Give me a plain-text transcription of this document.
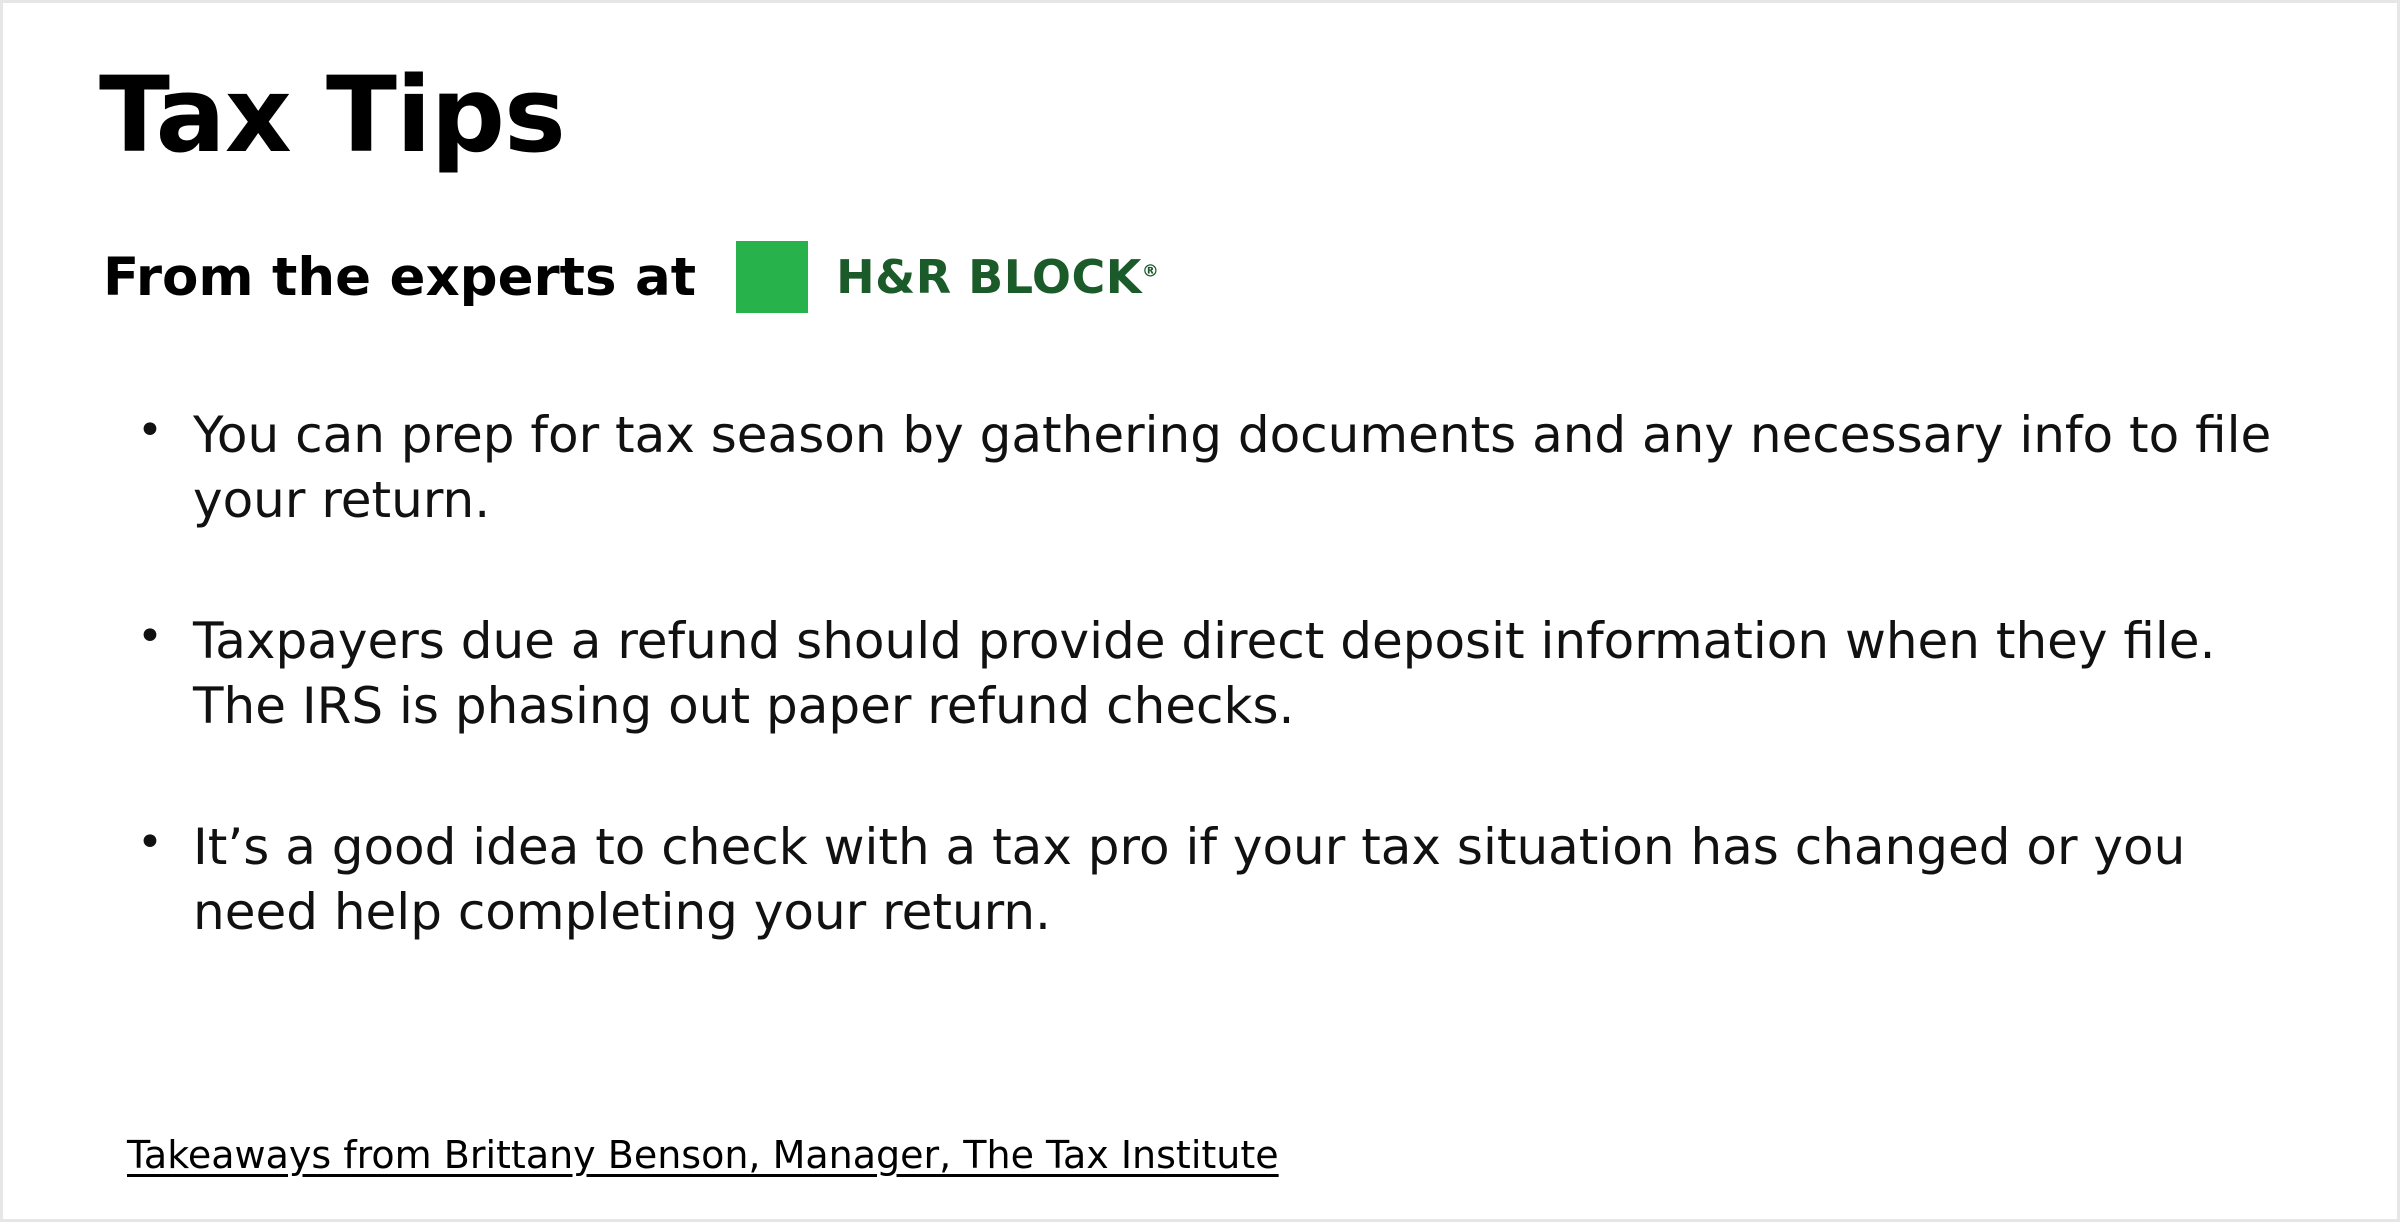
Tax Tips
From the experts at	H&R BLOCK®
• You can prep for tax season by gathering documents and any necessary info to file your return.
• Taxpayers due a refund should provide direct deposit information when they file. The IRS is phasing out paper refund checks.
• It’s a good idea to check with a tax pro if your tax situation has changed or you need help completing your return.
Takeaways from Brittany Benson, Manager, The Tax Institute
